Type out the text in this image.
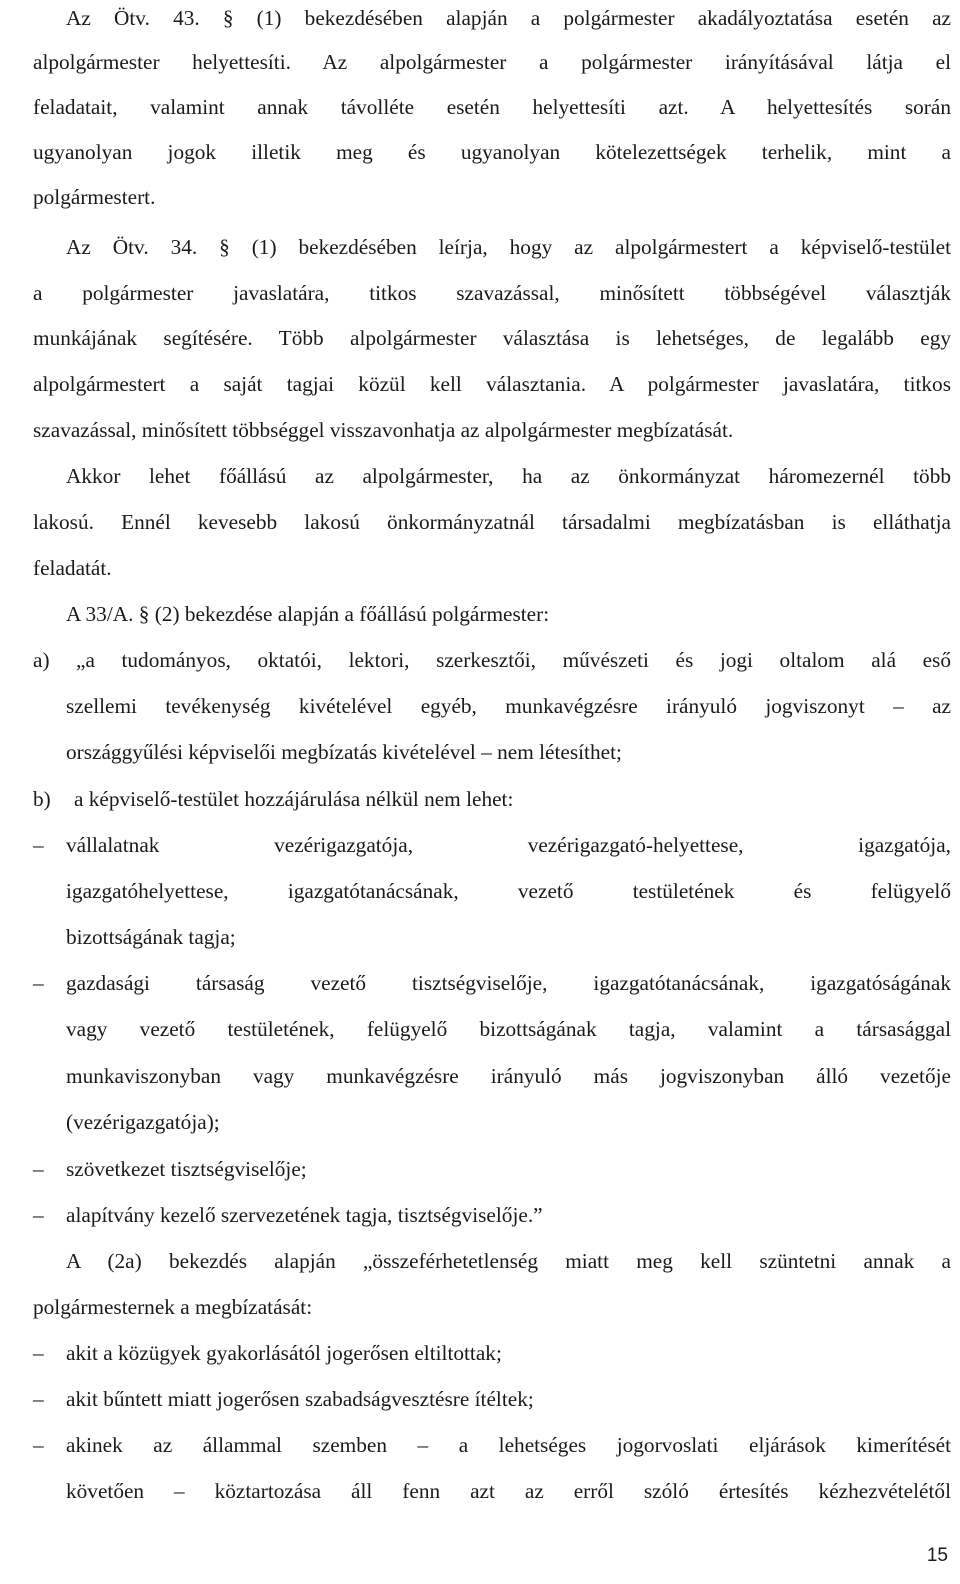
Az Ötv. 43. § (1) bekezdésében alapján a polgármester akadályoztatása esetén az
alpolgármester helyettesíti. Az alpolgármester a polgármester irányításával látja el
feladatait, valamint annak távolléte esetén helyettesíti azt. A helyettesítés során
ugyanolyan jogok illetik meg és ugyanolyan kötelezettségek terhelik, mint a
polgármestert.
Az Ötv. 34. § (1) bekezdésében leírja, hogy az alpolgármestert a képviselő-testület
a polgármester javaslatára, titkos szavazással, minősített többségével választják
munkájának segítésére. Több alpolgármester választása is lehetséges, de legalább egy
alpolgármestert a saját tagjai közül kell választania. A polgármester javaslatára, titkos
szavazással, minősített többséggel visszavonhatja az alpolgármester megbízatását.
Akkor lehet főállású az alpolgármester, ha az önkormányzat háromezernél több
lakosú. Ennél kevesebb lakosú önkormányzatnál társadalmi megbízatásban is elláthatja
feladatát.
A 33/A. § (2) bekezdése alapján a főállású polgármester:
a)	„a tudományos, oktatói, lektori, szerkesztői, művészeti és jogi oltalom alá eső
szellemi tevékenység kivételével egyéb, munkavégzésre irányuló jogviszonyt – az
országgyűlési képviselői megbízatás kivételével – nem létesíthet;
b)	a képviselő-testület hozzájárulása nélkül nem lehet:
–	vállalatnak vezérigazgatója, vezérigazgató-helyettese, igazgatója,
igazgatóhelyettese, igazgatótanácsának, vezető testületének és felügyelő
bizottságának tagja;
–	gazdasági társaság vezető tisztségviselője, igazgatótanácsának, igazgatóságának
vagy vezető testületének, felügyelő bizottságának tagja, valamint a társasággal
munkaviszonyban vagy munkavégzésre irányuló más jogviszonyban álló vezetője
(vezérigazgatója);
–	szövetkezet tisztségviselője;
–	alapítvány kezelő szervezetének tagja, tisztségviselője.”
A (2a) bekezdés alapján „összeférhetetlenség miatt meg kell szüntetni annak a
polgármesternek a megbízatását:
–	akit a közügyek gyakorlásától jogerősen eltiltottak;
–	akit bűntett miatt jogerősen szabadságvesztésre ítéltek;
–	akinek az állammal szemben – a lehetséges jogorvoslati eljárások kimerítését
követően – köztartozása áll fenn azt az erről szóló értesítés kézhezvételétől
15
